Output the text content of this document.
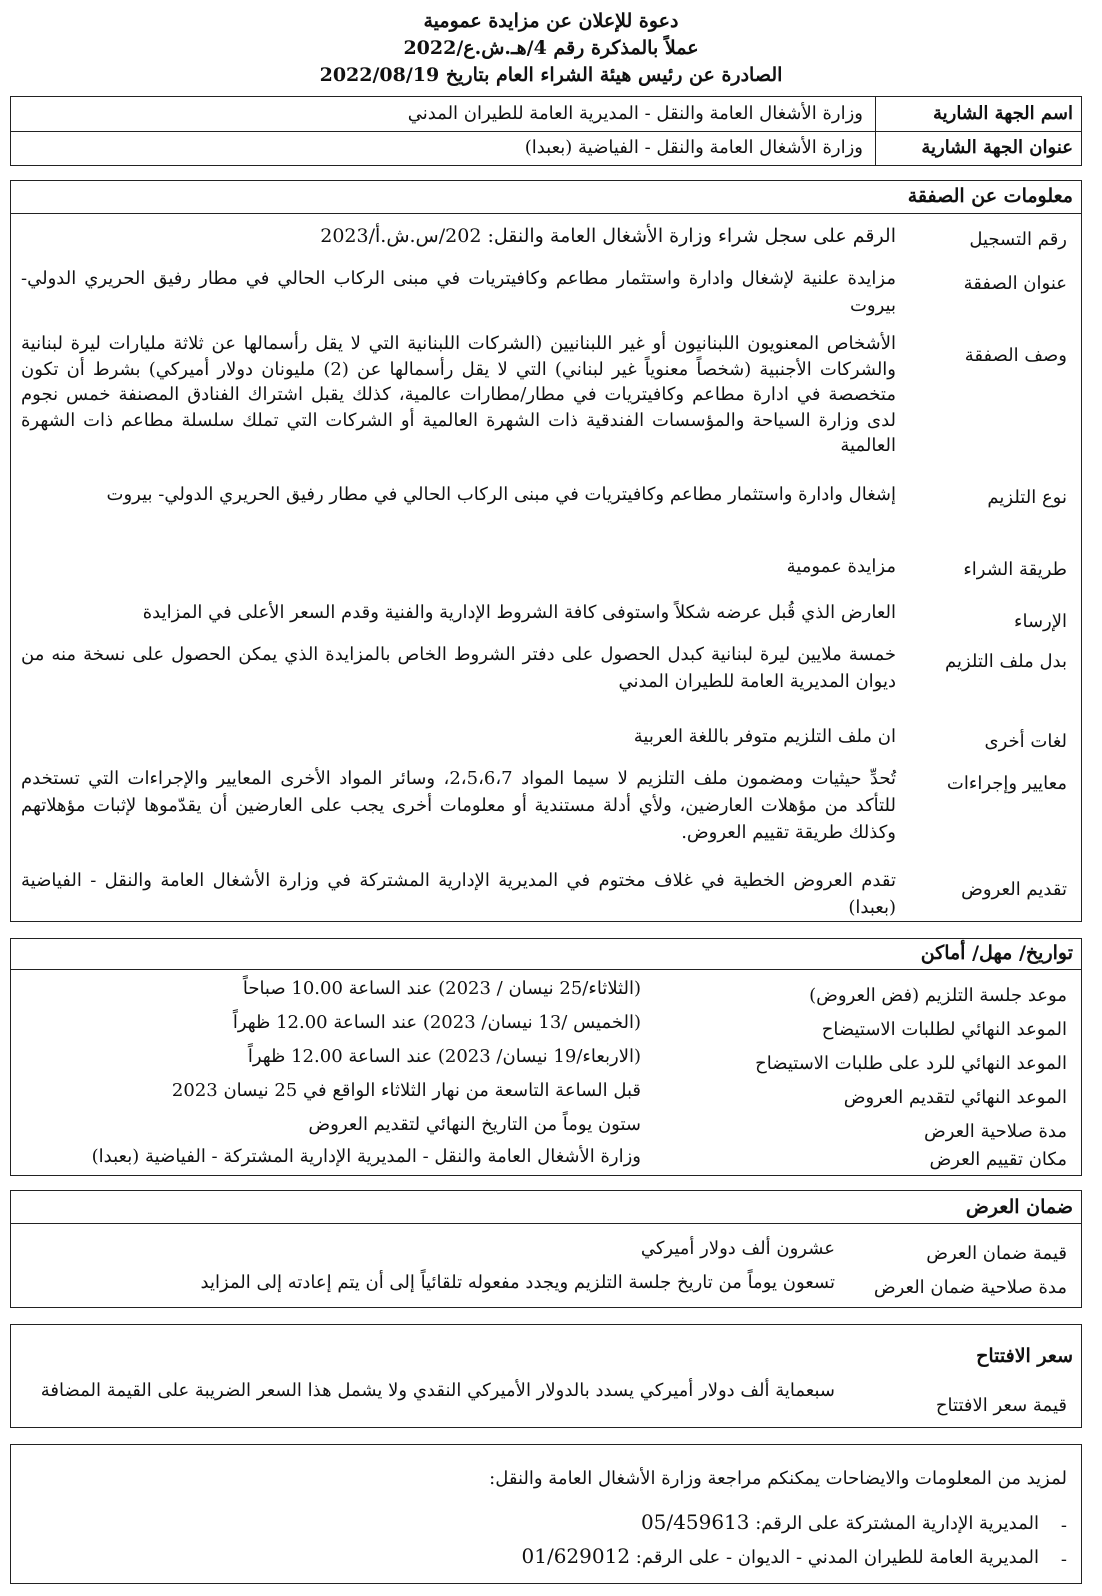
دعوة للإعلان عن مزايدة عمومية
عملاً بالمذكرة رقم 4/هـ.ش.ع/2022
الصادرة عن رئيس هيئة الشراء العام بتاريخ 2022/08/19
اسم الجهة الشارية
وزارة الأشغال العامة والنقل - المديرية العامة للطيران المدني
عنوان الجهة الشارية
وزارة الأشغال العامة والنقل - الفياضية (بعبدا)
معلومات عن الصفقة
رقم التسجيل
الرقم على سجل شراء وزارة الأشغال العامة والنقل: 202/س.ش.أ/2023
عنوان الصفقة
مزايدة علنية لإشغال وادارة واستثمار مطاعم وكافيتريات في مبنى الركاب الحالي في مطار رفيق الحريري الدولي- بيروت
وصف الصفقة
الأشخاص المعنويون اللبنانيون أو غير اللبنانيين (الشركات اللبنانية التي لا يقل رأسمالها عن ثلاثة مليارات ليرة لبنانية والشركات الأجنبية (شخصاً معنوياً غير لبناني) التي لا يقل رأسمالها عن (2) مليونان دولار أميركي) بشرط أن تكون متخصصة في ادارة مطاعم وكافيتريات في مطار/مطارات عالمية، كذلك يقبل اشتراك الفنادق المصنفة خمس نجوم لدى وزارة السياحة والمؤسسات الفندقية ذات الشهرة العالمية أو الشركات التي تملك سلسلة مطاعم ذات الشهرة العالمية
نوع التلزيم
إشغال وادارة واستثمار مطاعم وكافيتريات في مبنى الركاب الحالي في مطار رفيق الحريري الدولي- بيروت
طريقة الشراء
مزايدة عمومية
الإرساء
العارض الذي قُبل عرضه شكلاً واستوفى كافة الشروط الإدارية والفنية وقدم السعر الأعلى في المزايدة
بدل ملف التلزيم
خمسة ملايين ليرة لبنانية كبدل الحصول على دفتر الشروط الخاص بالمزايدة الذي يمكن الحصول على نسخة منه من ديوان المديرية العامة للطيران المدني
لغات أخرى
ان ملف التلزيم متوفر باللغة العربية
معايير وإجراءات
تُحدِّ حيثيات ومضمون ملف التلزيم لا سيما المواد 2،5،6،7، وسائر المواد الأخرى المعايير والإجراءات التي تستخدم للتأكد من مؤهلات العارضين، ولأي أدلة مستندية أو معلومات أخرى يجب على العارضين أن يقدّموها لإثبات مؤهلاتهم وكذلك طريقة تقييم العروض.
تقديم العروض
تقدم العروض الخطية في غلاف مختوم في المديرية الإدارية المشتركة في وزارة الأشغال العامة والنقل - الفياضية (بعبدا)
تواريخ/ مهل/ أماكن
موعد جلسة التلزيم (فض العروض)
(الثلاثاء/25 نيسان / 2023) عند الساعة 10.00 صباحاً
الموعد النهائي لطلبات الاستيضاح
(الخميس /13 نيسان/ 2023) عند الساعة 12.00 ظهراً
الموعد النهائي للرد على طلبات الاستيضاح
(الاربعاء/19 نيسان/ 2023) عند الساعة 12.00 ظهراً
الموعد النهائي لتقديم العروض
قبل الساعة التاسعة من نهار الثلاثاء الواقع في 25 نيسان 2023
مدة صلاحية العرض
ستون يوماً من التاريخ النهائي لتقديم العروض
مكان تقييم العرض
وزارة الأشغال العامة والنقل - المديرية الإدارية المشتركة - الفياضية (بعبدا)
ضمان العرض
قيمة ضمان العرض
عشرون ألف دولار أميركي
مدة صلاحية ضمان العرض
تسعون يوماً من تاريخ جلسة التلزيم ويجدد مفعوله تلقائياً إلى أن يتم إعادته إلى المزايد
سعر الافتتاح
قيمة سعر الافتتاح
سبعماية ألف دولار أميركي يسدد بالدولار الأميركي النقدي ولا يشمل هذا السعر الضريبة على القيمة المضافة
لمزيد من المعلومات والايضاحات يمكنكم مراجعة وزارة الأشغال العامة والنقل:
-
المديرية الإدارية المشتركة على الرقم: 05/459613
-
المديرية العامة للطيران المدني - الديوان - على الرقم: 01/629012
